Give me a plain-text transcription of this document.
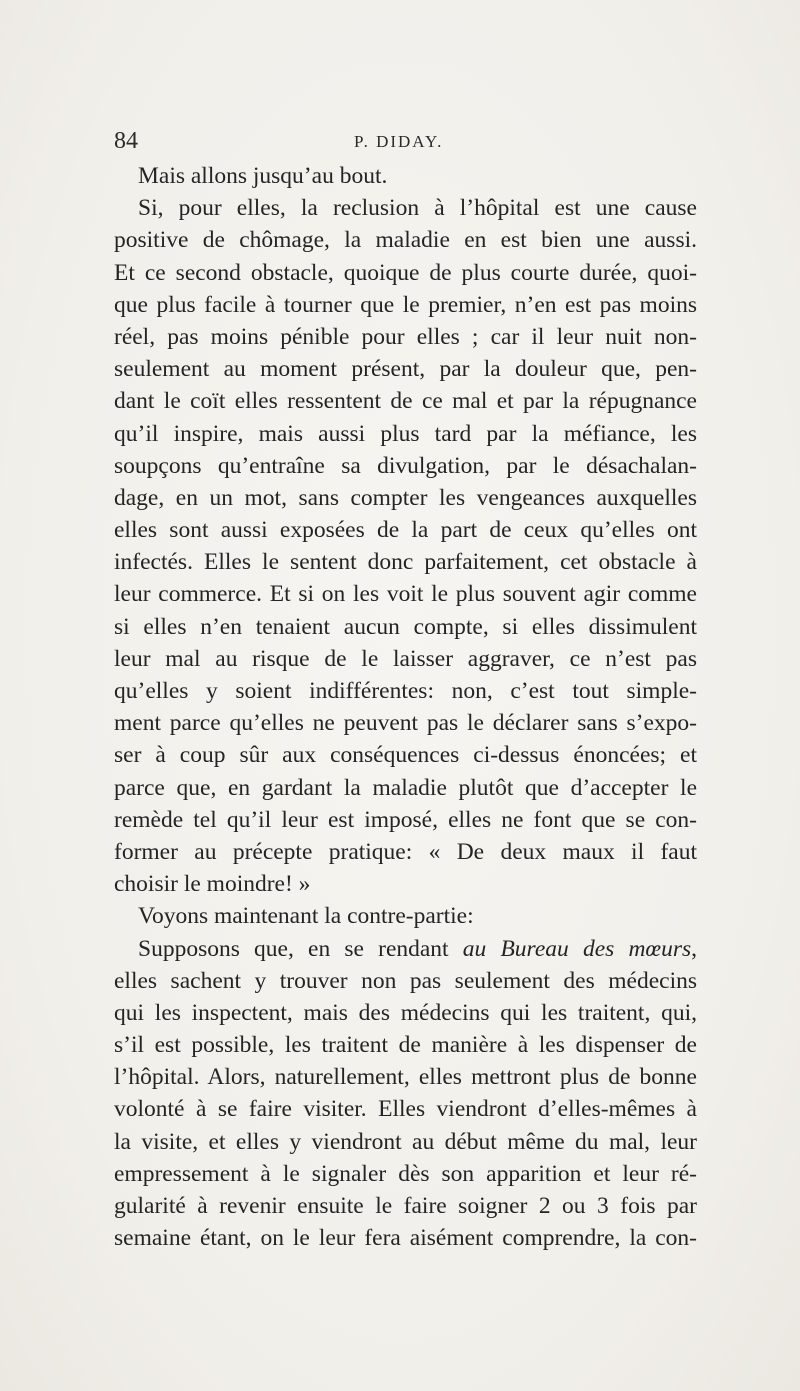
84	P. DIDAY.
Mais allons jusqu’au bout.
Si, pour elles, la reclusion à l’hôpital est une cause
positive de chômage, la maladie en est bien une aussi.
Et ce second obstacle, quoique de plus courte durée, quoi-
que plus facile à tourner que le premier, n’en est pas moins
réel, pas moins pénible pour elles ; car il leur nuit non-
seulement au moment présent, par la douleur que, pen-
dant le coït elles ressentent de ce mal et par la répugnance
qu’il inspire, mais aussi plus tard par la méfiance, les
soupçons qu’entraîne sa divulgation, par le désachalan-
dage, en un mot, sans compter les vengeances auxquelles
elles sont aussi exposées de la part de ceux qu’elles ont
infectés. Elles le sentent donc parfaitement, cet obstacle à
leur commerce. Et si on les voit le plus souvent agir comme
si elles n’en tenaient aucun compte, si elles dissimulent
leur mal au risque de le laisser aggraver, ce n’est pas
qu’elles y soient indifférentes: non, c’est tout simple-
ment parce qu’elles ne peuvent pas le déclarer sans s’expo-
ser à coup sûr aux conséquences ci-dessus énoncées; et
parce que, en gardant la maladie plutôt que d’accepter le
remède tel qu’il leur est imposé, elles ne font que se con-
former au précepte pratique: « De deux maux il faut
choisir le moindre! »
Voyons maintenant la contre-partie:
Supposons que, en se rendant au Bureau des mœurs,
elles sachent y trouver non pas seulement des médecins
qui les inspectent, mais des médecins qui les traitent, qui,
s’il est possible, les traitent de manière à les dispenser de
l’hôpital. Alors, naturellement, elles mettront plus de bonne
volonté à se faire visiter. Elles viendront d’elles-mêmes à
la visite, et elles y viendront au début même du mal, leur
empressement à le signaler dès son apparition et leur ré-
gularité à revenir ensuite le faire soigner 2 ou 3 fois par
semaine étant, on le leur fera aisément comprendre, la con-
